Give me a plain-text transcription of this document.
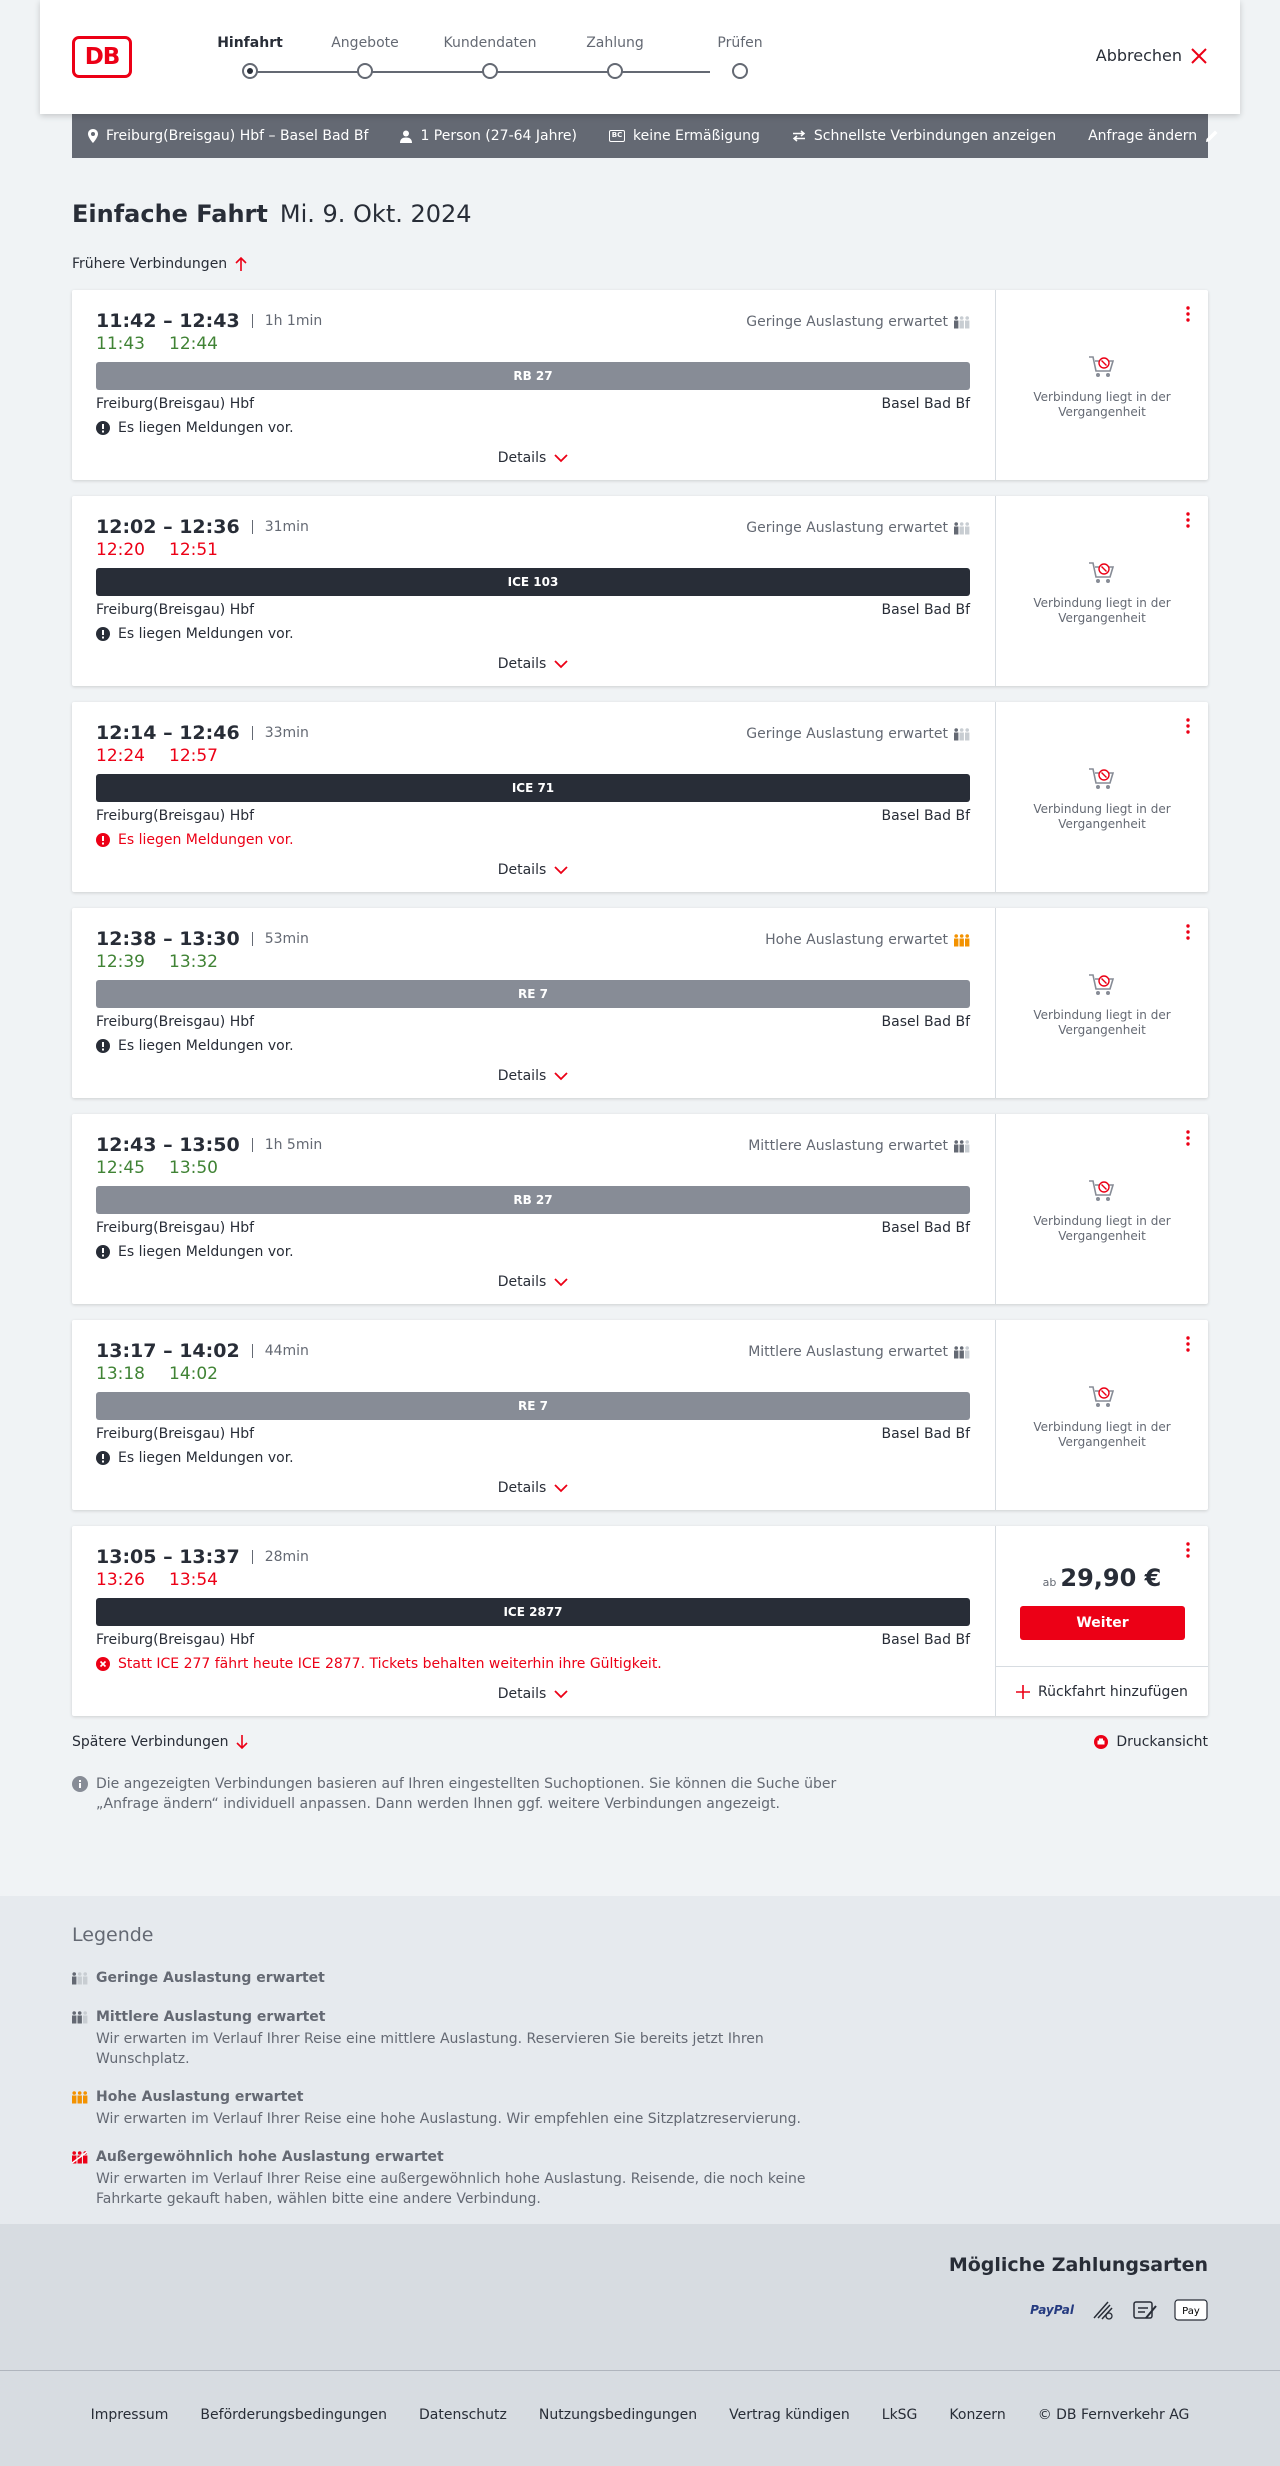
DB
Hinfahrt	Angebote	Kundendaten	Zahlung	Prüfen
Abbrechen
Freiburg(Breisgau) Hbf – Basel Bad Bf	1 Person (27-64 Jahre)	BC keine Ermäßigung	Schnellste Verbindungen anzeigen Anfrage ändern
Einfache Fahrt Mi. 9. Okt. 2024
Frühere Verbindungen
11:42 – 12:43	1h 1min	Geringe Auslastung erwartet
11:43 12:44
RB 27
Freiburg(Breisgau) Hbf	Basel Bad Bf
Es liegen Meldungen vor.
Details
Verbindung liegt in der Vergangenheit
12:02 – 12:36	31min	Geringe Auslastung erwartet
12:20 12:51
ICE 103
Freiburg(Breisgau) Hbf	Basel Bad Bf
Es liegen Meldungen vor.
Details
Verbindung liegt in der Vergangenheit
12:14 – 12:46	33min	Geringe Auslastung erwartet
12:24 12:57
ICE 71
Freiburg(Breisgau) Hbf	Basel Bad Bf
Es liegen Meldungen vor.
Details
Verbindung liegt in der Vergangenheit
12:38 – 13:30	53min	Hohe Auslastung erwartet
12:39 13:32
RE 7
Freiburg(Breisgau) Hbf	Basel Bad Bf
Es liegen Meldungen vor.
Details
Verbindung liegt in der Vergangenheit
12:43 – 13:50	1h 5min	Mittlere Auslastung erwartet
12:45 13:50
RB 27
Freiburg(Breisgau) Hbf	Basel Bad Bf
Es liegen Meldungen vor.
Details
Verbindung liegt in der Vergangenheit
13:17 – 14:02	44min	Mittlere Auslastung erwartet
13:18 14:02
RE 7
Freiburg(Breisgau) Hbf	Basel Bad Bf
Es liegen Meldungen vor.
Details
Verbindung liegt in der Vergangenheit
13:05 – 13:37	28min
13:26 13:54
ICE 2877
Freiburg(Breisgau) Hbf	Basel Bad Bf
Statt ICE 277 fährt heute ICE 2877. Tickets behalten weiterhin ihre Gültigkeit.
Details
ab 29,90 €
Weiter
Rückfahrt hinzufügen
Spätere Verbindungen	Druckansicht
Die angezeigten Verbindungen basieren auf Ihren eingestellten Suchoptionen. Sie können die Suche über „Anfrage ändern“ individuell anpassen. Dann werden Ihnen ggf. weitere Verbindungen angezeigt.
Legende
Geringe Auslastung erwartet
Mittlere Auslastung erwartet
Wir erwarten im Verlauf Ihrer Reise eine mittlere Auslastung. Reservieren Sie bereits jetzt Ihren Wunschplatz.
Hohe Auslastung erwartet
Wir erwarten im Verlauf Ihrer Reise eine hohe Auslastung. Wir empfehlen eine Sitzplatzreservierung.
Außergewöhnlich hohe Auslastung erwartet
Wir erwarten im Verlauf Ihrer Reise eine außergewöhnlich hohe Auslastung. Reisende, die noch keine Fahrkarte gekauft haben, wählen bitte eine andere Verbindung.
Mögliche Zahlungsarten
PayPal	Pay
Impressum Beförderungsbedingungen Datenschutz Nutzungsbedingungen Vertrag kündigen LkSG Konzern © DB Fernverkehr AG
